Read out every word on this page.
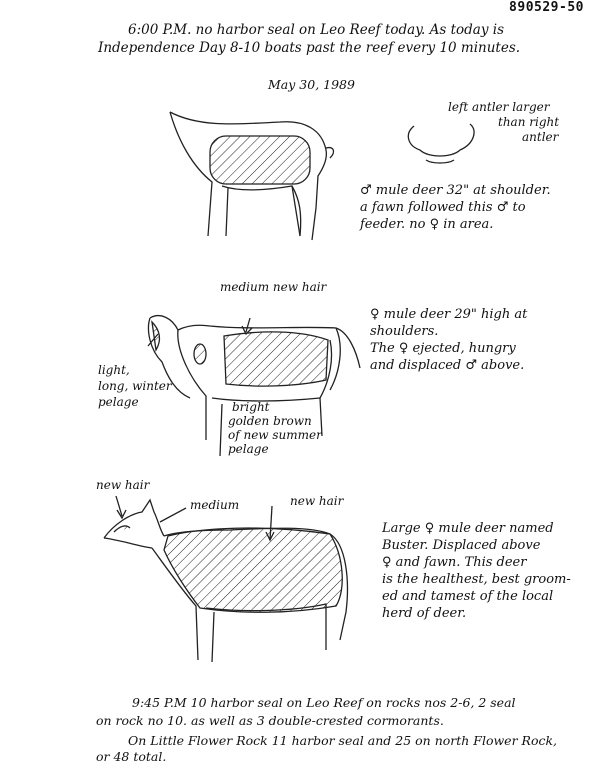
890529-50
6:00 P.M. no harbor seal on Leo Reef today. As today is
Independence Day 8-10 boats past the reef every 10 minutes.
May 30, 1989
left antler larger
than right
antler
♂ mule deer 32" at shoulder.
a fawn followed this ♂ to
feeder. no ♀ in area.
medium new hair
light,
long, winter
pelage	bright
golden brown
of new summer
pelage
♀ mule deer 29" high at
shoulders.
The ♀ ejected, hungry
and displaced ♂ above.
new hair
medium	new hair
Large ♀ mule deer named
Buster. Displaced above
♀ and fawn. This deer
is the healthest, best groom-
ed and tamest of the local
herd of deer.
9:45 P.M 10 harbor seal on Leo Reef on rocks nos 2-6, 2 seal
on rock no 10. as well as 3 double-crested cormorants.
On Little Flower Rock 11 harbor seal and 25 on north Flower Rock,
or 48 total.
